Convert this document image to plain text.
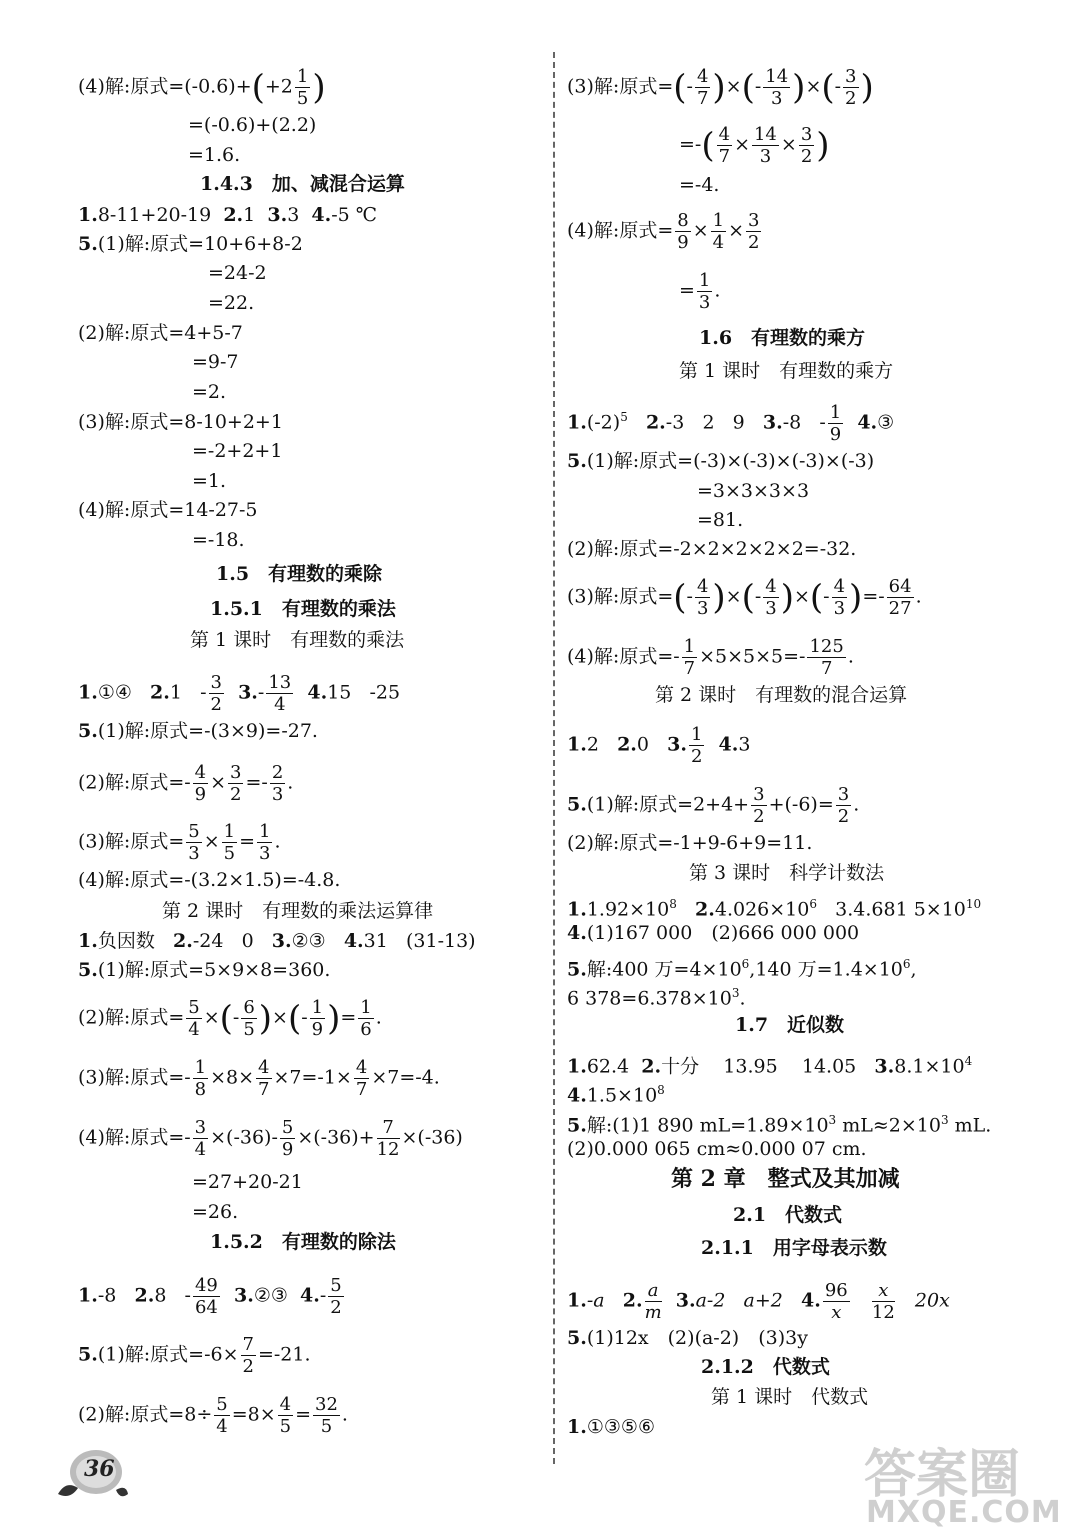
(4)解:原式$=(-0.6)+(+2 \frac{1}{5}$ )
=(-0.6)+(2.2)
=1.6.
1.4.3　加、减混合运算
1.8-11+20-19 2.1 3.3 4.-5 ℃
5.(1)解:原式=10+6+8-2
=24-2
=22.
(2)解:原式=4+5-7
=9-7
=2.
(3)解:原式=8-10+2+1
=-2+2+1
=1.
(4)解:原式=14-27-5
=-18.
1.5　有理数的乘除
1.5.1　有理数的乘法
第 1 课时　有理数的乘法
1.①④ $2.1 - \frac{3}{2} 3.- \frac{13}{4} 4.15$ -25
5.(1)解:原式=-(3×9)=-27.
(2)解:原式=- $\frac{4}{9} \times \frac{3}{2} =- \frac{2}{3}$ .
(3)解:原式= $\frac{5}{3} \times \frac{1}{5} = \frac{1}{3}$ .
(4)解:原式=-(3.2×1.5)=-4.8.
第 2 课时　有理数的乘法运算律
1.负因数 2.-24 0 3.②③ 4.31 (31-13)
5.(1)解:原式=5×9×8=360.
(2)解:原式= $\frac{5}{4}$ ×(- $\frac{6}{5}$ )×(- $\frac{1}{9}$ )= $\frac{1}{6}$ .
(3)解:原式=- $\frac{1}{8} \times 8\times \frac{4}{7} \times 7=-1\times \frac{4}{7} \times 7=-4$.
(4)解:原式=- $\frac{3}{4} \times(-36)- \frac{5}{9} \times(-36)+ \frac{7}{12} \times(-36)$
=27+20-21
=26.
1.5.2　有理数的除法
1.-8 $2.8 - \frac{49}{64}$ 3.②③ $4.- \frac{5}{2}$
5.(1)解:原式$=-6\times \frac{7}{2} =-21$.
(2)解:原式$=8\div \frac{5}{4} =8\times \frac{4}{5} = \frac{32}{5}$ .
(3)解:原式=(- $\frac{4}{7}$ )×(- $\frac{14}{3}$ )×(- $\frac{3}{2}$ )
=-( $\frac{4}{7} \times \frac{14}{3} \times \frac{3}{2}$ )
=-4.
(4)解:原式= $\frac{8}{9} \times \frac{1}{4} \times \frac{3}{2}$
= $\frac{1}{3}$ .
1.6　有理数的乘方
第 1 课时　有理数的乘方
$1.(-2)^5$ 2.-3 2 9 $3.-8 - \frac{1}{9}$ 4.③
5.(1)解:原式=(-3)×(-3)×(-3)×(-3)
=3×3×3×3
=81.
(2)解:原式=-2×2×2×2×2=-32.
(3)解:原式=(- $\frac{4}{3}$ )×(- $\frac{4}{3}$ )×(- $\frac{4}{3}$ )=- $\frac{64}{27}$ .
(4)解:原式=- $\frac{1}{7} \times 5\times 5\times 5=- \frac{125}{7}$ .
第 2 课时　有理数的混合运算
1.2 2.0 3. $\frac{1}{2} 4.3$
5.(1)解:原式$=2+4+ \frac{3}{2} +(-6)= \frac{3}{2}$ .
(2)解:原式=-1+9-6+9=11.
第 3 课时　科学计数法
$1.1.92\times 10^8$ $2.4.026\times 10^6$ 3.4.681 $5\times 10^{10}$
4.(1)167 000　(2)666 000 000
5.解:400 万$=4\times 10^6,140$ 万$=1.4\times 10^6$,
6 $378=6.378\times 10^3$.
1.7　近似数
1.62.4 2.十分 13.95 14.05 $3.8.1\times 10^4$
$4.1.5\times 10^8$
5.解:(1)1 890 $mL=1.89\times 10^3$ $mL\approx 2\times 10^3$ mL.
(2)0.000 065 cm≈0.000 07 cm.
第 2 章　整式及其加减
2.1　代数式
2.1.1　用字母表示数
1.-a 2. $\frac{a}{m} 3.a-2$ a+2 4. $\frac{96}{x}$
$\frac{x}{12} 20x$
5.(1)12x　(2)(a-2)　(3)3y
2.1.2　代数式
第 1 课时　代数式
1.①③⑤⑥
36	答案圈
MXQE.COM
